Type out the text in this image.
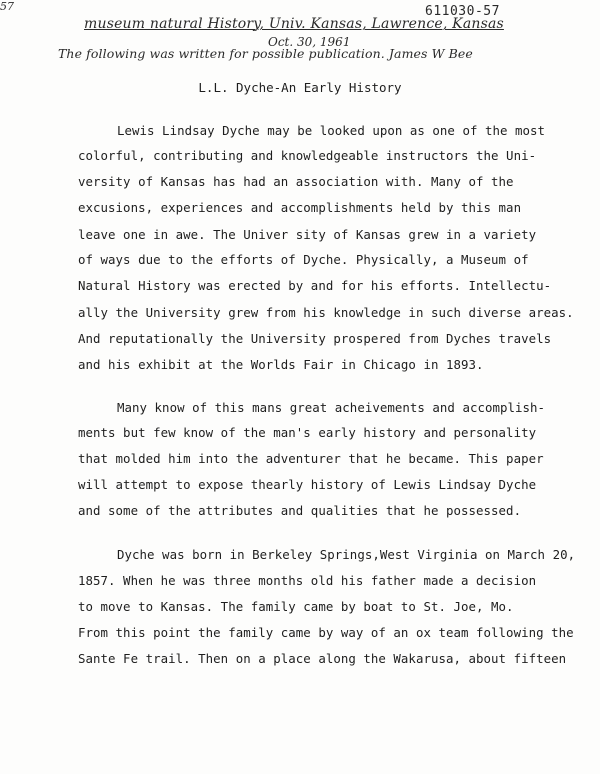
57	611030-57
museum natural History, Univ. Kansas, Lawrence, Kansas
Oct. 30, 1961
The following was written for possible publication. James W Bee
L.L. Dyche-An Early History
Lewis Lindsay Dyche may be looked upon as one of the most
colorful, contributing and knowledgeable instructors the Uni-
versity of Kansas has had an association with. Many of the
excusions, experiences and accomplishments held by this man
leave one in awe. The Univer sity of Kansas grew in a variety
of ways due to the efforts of Dyche. Physically, a Museum of
Natural History was erected by and for his efforts. Intellectu-
ally the University grew from his knowledge in such diverse areas.
And reputationally the University prospered from Dyches travels
and his exhibit at the Worlds Fair in Chicago in 1893.
Many know of this mans great acheivements and accomplish-
ments but few know of the man's early history and personality
that molded him into the adventurer that he became. This paper
will attempt to expose thearly history of Lewis Lindsay Dyche
and some of the attributes and qualities that he possessed.
Dyche was born in Berkeley Springs,West Virginia on March 20,
1857. When he was three months old his father made a decision
to move to Kansas. The family came by boat to St. Joe, Mo.
From this point the family came by way of an ox team following the
Sante Fe trail. Then on a place along the Wakarusa, about fifteen
